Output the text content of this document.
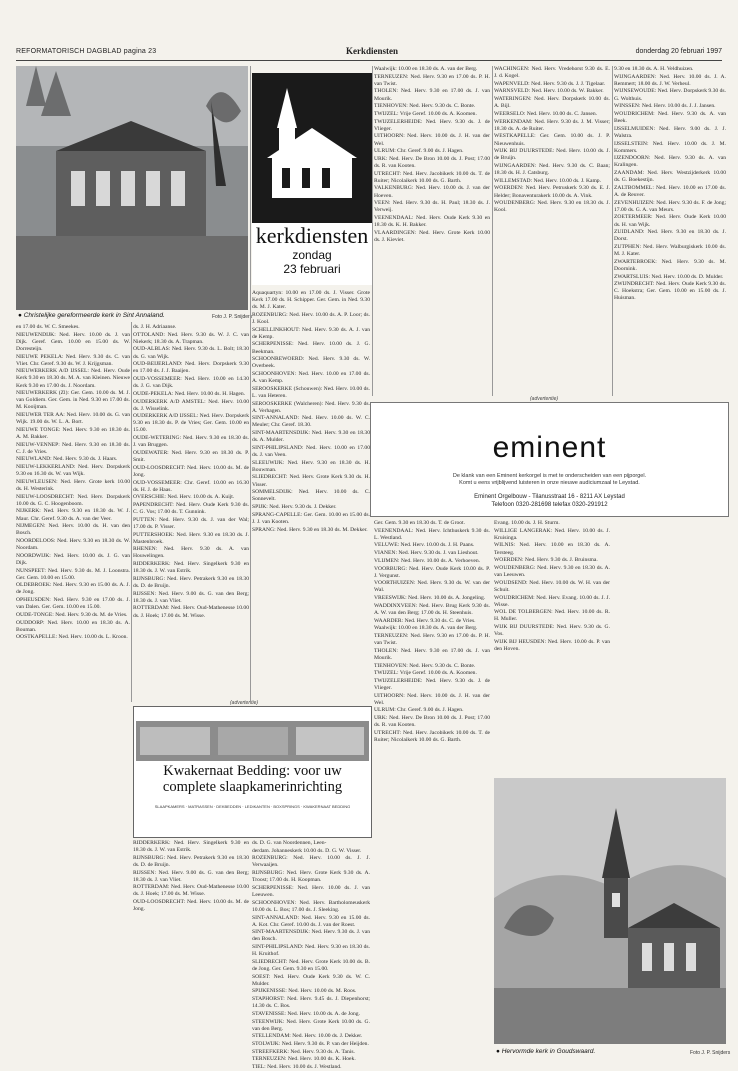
REFORMATORISCH DAGBLAD pagina 23	Kerkdiensten	donderdag 20 februari 1997
● Christelijke gereformeerde kerk in Sint Annaland.	Foto J. P. Snijders
kerkdiensten
zondag
23 februari

Aquaquartyn: 10.00 en 17.00 ds. J. Visser. Grote Kerk 17.00 ds. H. Schipper. Ger. Gem. in Ned. 9.30 ds. M. J. Kater.

ROZENBURG: Ned. Herv. 10.00 ds. A. P. Loor; ds. J. Kool.

SCHELLINKHOUT: Ned. Herv. 9.30 ds. A. J. van de Kemp.

SCHERPENISSE: Ned. Herv. 10.00 ds. J. G. Beekman.

SCHOONREWOERD: Ned. Herv. 9.30 ds. W. Overbeek.

SCHOONHOVEN: Ned. Herv. 10.00 en 17.00 ds. A. van Kemp.

SEROOSKERKE (Schouwen): Ned. Herv. 10.00 ds. L. van Heteren.

SEROOSKERKE (Walcheren): Ned. Herv. 9.30 ds. A. Verhagen.

SINT-ANNALAND: Ned. Herv. 10.00 ds. W. C. Meuler; Chr. Geref. 18.30.

SINT-MAARTENSDIJK: Ned. Herv. 9.30 en 18.30 ds. A. Mulder.

SINT-PHILIPSLAND: Ned. Herv. 10.00 en 17.00 ds. J. van Veen.

SLEEUWIJK: Ned. Herv. 9.30 en 18.30 ds. H. Bouwman.

SLIEDRECHT: Ned. Herv. Grote Kerk 9.30 ds. H. Visser.

SOMMELSDIJK: Ned. Herv. 10.00 ds. C. Sonnevelt.

SPIJK: Ned. Herv. 9.30 ds. J. Dekker.

SPRANG-CAPELLE: Ger. Gem. 10.00 en 15.00 ds. J. J. van Kooten.

SPRANG: Ned. Herv. 9.30 en 18.30 ds. M. Dekker.

Waalwijk: 10.00 en 18.30 ds. A. van der Berg.

TERNEUZEN: Ned. Herv. 9.30 en 17.00 ds. P. H. van Twist.

THOLEN: Ned. Herv. 9.30 en 17.00 ds. J. van Mourik.

TIENHOVEN: Ned. Herv. 9.30 ds. C. Bonte.

TWIJZEL: Vrije Geref. 10.00 ds. A. Koomen.

TWIJZELERHEIDE: Ned. Herv. 9.30 ds. J. de Vlieger.

UITHOORN: Ned. Herv. 10.00 ds. J. H. van der Wel.

ULRUM: Chr. Geref. 9.00 ds. J. Hagen.

URK: Ned. Herv. De Bron 10.00 ds. J. Post; 17.00 ds. R. van Kooten.

UTRECHT: Ned. Herv. Jacobikerk 10.00 ds. T. de Ruiter; Nicolaikerk 10.00 ds. G. Barth.

VALKENBURG: Ned. Herv. 10.00 ds. J. van der Hoeven.

VEEN: Ned. Herv. 9.30 ds. H. Paul; 18.30 ds. J. Verweij.

VEENENDAAL: Ned. Herv. Oude Kerk 9.30 en 18.30 ds. K. H. Bakker.

VLAARDINGEN: Ned. Herv. Grote Kerk 10.00 ds. J. Kieviet.

WACHINGEN: Ned. Herv. Vredehorst 9.30 ds. E. J. d. Kogel.

WAPENVELD: Ned. Herv. 9.30 ds. J. J. Tigelaar.

WARNSVELD: Ned. Herv. 10.00 ds. W. Bakker.

WATERINGEN: Ned. Herv. Dorpskerk 10.00 ds. A. Bijl.

WEERSELO: Ned. Herv. 10.00 ds. C. Jansen.

WERKENDAM: Ned. Herv. 9.30 ds. J. M. Visser; 18.30 ds. A. de Ruiter.

WESTKAPELLE: Ger. Gem. 10.00 ds. J. P. Nieuwenhuis.

WIJK BIJ DUURSTEDE: Ned. Herv. 10.00 ds. J. de Bruijn.

WIJNGAARDEN: Ned. Herv. 9.30 ds. C. Baan; 18.30 ds. H. J. Catsburg.

WILLEMSTAD: Ned. Herv. 10.00 ds. J. Kamp.

WOERDEN: Ned. Herv. Petruskerk 9.30 ds. E. J. Helder; Bonaventurakerk 10.00 ds. A. Vink.

WOUDENBERG: Ned. Herv. 9.30 en 18.30 ds. J. Kool.

9.30 en 18.30 ds. A. H. Veldhuizen.

WIJNGAARDEN: Ned. Herv. 10.00 ds. J. A. Remmert; 18.00 ds. J. W. Verheul.

WIJNSEWOUDE: Ned. Herv. Dorpskerk 9.30 ds. G. Wolthuis.

WINSSEN: Ned. Herv. 10.00 ds. J. J. Jansen.

WOUDRICHEM: Ned. Herv. 9.30 ds. A. van Beek.

IJSSELMUIDEN: Ned. Herv. 9.00 ds. J. J. Walstra.

IJSSELSTEIN: Ned. Herv. 10.00 ds. J. M. Kommers.

IJZENDOORN: Ned. Herv. 9.30 ds. A. van Kralingen.

ZAANDAM: Ned. Herv. Westzijderkerk 10.00 ds. G. Boekestijn.

ZALTBOMMEL: Ned. Herv. 10.00 en 17.00 ds. A. de Reuver.

ZEVENHUIZEN: Ned. Herv. 9.30 ds. F. de Jong; 17.00 ds. G. A. van Meurs.

ZOETERMEER: Ned. Herv. Oude Kerk 10.00 ds. H. van Wijk.

ZUIDLAND: Ned. Herv. 9.30 en 18.30 ds. J. Dorst.

ZUTPHEN: Ned. Herv. Walburgiskerk 10.00 ds. M. J. Kater.

ZWARTEBROEK: Ned. Herv. 9.30 ds. M. Doornink.

ZWARTSLUIS: Ned. Herv. 10.00 ds. D. Mulder.

ZWIJNDRECHT: Ned. Herv. Oude Kerk 9.30 ds. C. Hoekstra; Ger. Gem. 10.00 en 15.00 ds. J. Huisman.

(advertentie)
eminent
De klank van een Eminent kerkorgel is met te onderscheiden van een pijporgel.
Komt u eens vrijblijvend luisteren in onze nieuwe audiciumzaal te Leystad.
Eminent Orgelbouw - Tilanusstraat 16 - 8211 AX Leystad
Telefoon 0320-281698 telefax 0320-291912

en 17.00 ds. W. C. Smeekes.

NIEUWENDIJK: Ned. Herv. 10.00 ds. J. van Dijk. Geref. Gem. 10.00 en 15.00 ds. W. Dorresteijn.

NIEUWE PEKELA: Ned. Herv. 9.30 ds. C. van Vliet. Chr. Geref. 9.30 ds. W. J. Krijgsman.

NIEUWERKERK A/D IJSSEL: Ned. Herv. Oude Kerk 9.30 en 18.30 ds. M. A. van Kleinen. Nieuwe Kerk 9.30 en 17.00 ds. J. Noordam.

NIEUWERKERK (Zl): Ger. Gem. 10.00 ds. M. J. van Goldiem. Ger. Gem. in Ned. 9.30 en 17.00 ds. M. Kooijman.

NIEUWER TER AA: Ned. Herv. 10.00 ds. G. van Wijk. 19.00 ds. W. L. A. Bort.

NIEUWE TONGE: Ned. Herv. 9.30 en 18.30 ds. A. M. Bakker.

NIEUW-VENNEP: Ned. Herv. 9.30 en 18.30 ds. C. J. de Vries.

NIEUWLAND: Ned. Herv. 9.30 ds. J. Haars.

NIEUW-LEKKERLAND: Ned. Herv. Dorpskerk 9.30 en 16.30 ds. W. van Wijk.

NIEUWLEUSEN: Ned. Herv. Grote kerk 10.00 ds. H. Westerink.

NIEUW-LOOSDRECHT: Ned. Herv. Dorpskerk 10.00 ds. G. C. Hoogenboom.

NIJKERK: Ned. Herv. 9.30 en 18.30 ds. W. J. Maur. Chr. Geref. 9.30 ds. A. van der Veer.

NIJMEGEN: Ned. Herv. 10.00 ds. H. van den Bosch.

NOORDELOOS: Ned. Herv. 9.30 en 18.30 ds. W. Noordam.

NOORDWIJK: Ned. Herv. 10.00 ds. J. G. van Dijk.

NUNSPEET: Ned. Herv. 9.30 ds. M. J. Loonstra. Ger. Gem. 10.00 en 15.00.

OLDEBROEK: Ned. Herv. 9.30 en 15.00 ds. A. J. de Jong.

OPHEUSDEN: Ned. Herv. 9.30 en 17.00 ds. J. van Dalen. Ger. Gem. 10.00 en 15.00.

OUDE-TONGE: Ned. Herv. 9.30 ds. M. de Vries.

OUDDORP: Ned. Herv. 10.00 en 18.30 ds. A. Bouman.

OOSTKAPELLE: Ned. Herv. 10.00 ds. L. Kroon.

ds. J. H. Adriaanse.

OTTOLAND: Ned. Herv. 9.30 ds. W. J. C. van Niekerk; 18.30 ds. A. Trapman.

OUD-ALBLAS: Ned. Herv. 9.30 ds. L. Bolt; 18.30 ds. G. van Wijk.

OUD-BEIJERLAND: Ned. Herv. Dorpskerk 9.30 en 17.00 ds. J. J. Baaijen.

OUD-VOSSEMEER: Ned. Herv. 10.00 en 14.30 ds. J. G. van Dijk.

OUDE-PEKELA: Ned. Herv. 10.00 ds. H. Hagen.

OUDERKERK A/D AMSTEL: Ned. Herv. 10.00 ds. J. Wisselink.

OUDERKERK A/D IJSSEL: Ned. Herv. Dorpskerk 9.30 en 18.30 ds. P. de Vries; Ger. Gem. 10.00 en 15.00.

OUDE-WETERING: Ned. Herv. 9.30 en 18.30 ds. J. van Bruggen.

OUDEWATER: Ned. Herv. 9.30 en 18.30 ds. P. Smit.

OUD-LOOSDRECHT: Ned. Herv. 10.00 ds. M. de Jong.

OUD-VOSSEMEER: Chr. Geref. 10.00 en 16.30 ds. H. J. de Haas.

OVERSCHIE: Ned. Herv. 10.00 ds. A. Kuijt.

PAPENDRECHT: Ned. Herv. Oude Kerk 9.30 ds. C. G. Vos; 17.00 ds. T. Gunnink.

PUTTEN: Ned. Herv. 9.30 ds. J. van der Wal; 17.00 ds. P. Visser.

PUTTERSHOEK: Ned. Herv. 9.30 en 18.30 ds. J. Mastenbroek.

RHENEN: Ned. Herv. 9.30 ds. A. van Houwelingen.

RIDDERKERK: Ned. Herv. Singelkerk 9.30 en 18.30 ds. J. W. van Estrik.

RIJNSBURG: Ned. Herv. Petrakerk 9.30 en 18.30 ds. D. de Bruijn.

RIJSSEN: Ned. Herv. 9.00 ds. G. van den Berg; 18.30 ds. J. van Vliet.

ROTTERDAM: Ned. Herv. Oud-Mathenesse 10.00 ds. J. Hoek; 17.00 ds. M. Wisse.

(advertentie)
Kwakernaat Bedding: voor uw
complete slaapkamerinrichting
SLAAPKAMERS · MATRASSEN · DEKBEDDEN · LEDIKANTEN · BOXSPRINGS · KWAKERNAAT BEDDING

RIDDERKERK: Ned. Herv. Singelkerk 9.30 en 18.30 ds. J. W. van Estrik.

RIJNSBURG: Ned. Herv. Petrakerk 9.30 en 18.30 ds. D. de Bruijn.

RIJSSEN: Ned. Herv. 9.00 ds. G. van den Berg; 18.30 ds. J. van Vliet.

ROTTERDAM: Ned. Herv. Oud-Mathenesse 10.00 ds. J. Hoek; 17.00 ds. M. Wisse.

OUD-LOOSDRECHT: Ned. Herv. 10.00 ds. M. de Jong.

ds. D. G. van Noordennen, Leen-

derdam. Johanneskerk 10.00 ds. D. G. W. Visser.

ROZENBURG: Ned. Herv. 10.00 ds. J. J. Verwaaijen.

RIJNSBURG: Ned. Herv. Grote Kerk 9.30 ds. A. Troost; 17.00 ds. H. Koopman.

SCHERPENISSE: Ned. Herv. 10.00 ds. J. van Leeuwen.

SCHOONHOVEN: Ned. Herv. Bartholomeuskerk 10.00 ds. L. Bos; 17.00 ds. J. Sleeking.

SINT-ANNALAND: Ned. Herv. 9.30 en 15.00 ds. A. Kot. Chr. Geref. 10.00 ds. J. van der Roest.

SINT-MAARTENSDIJK: Ned. Herv. 9.30 ds. J. van den Bosch.

SINT-PHILIPSLAND: Ned. Herv. 9.30 en 18.30 ds. H. Kruithof.

SLIEDRECHT: Ned. Herv. Grote Kerk 10.00 ds. B. de Jong. Ger. Gem. 9.30 en 15.00.

SOEST: Ned. Herv. Oude Kerk 9.30 ds. W. C. Mulder.

SPIJKENISSE: Ned. Herv. 10.00 ds. M. Roos.

STAPHORST: Ned. Herv. 9.45 ds. J. Diepenhorst; 14.30 ds. C. Bos.

STAVENISSE: Ned. Herv. 10.00 ds. A. de Jong.

STEENWIJK: Ned. Herv. Grote Kerk 10.00 ds. G. van den Berg.

STELLENDAM: Ned. Herv. 10.00 ds. J. Dekker.

STOLWIJK: Ned. Herv. 9.30 ds. P. van der Heijden.

STREEFKERK: Ned. Herv. 9.30 ds. A. Tanis.

TERNEUZEN: Ned. Herv. 10.00 ds. K. Hoek.

TIEL: Ned. Herv. 10.00 ds. J. Westland.

Ger. Gem. 9.30 en 18.30 ds. T. de Groot.

VEENENDAAL: Ned. Herv. Ichthuskerk 9.30 ds. L. Westland.

VELUWE: Ned. Herv. 10.00 ds. J. H. Paans.

VIANEN: Ned. Herv. 9.30 ds. J. van Lieshout.

VLIJMEN: Ned. Herv. 10.00 ds. A. Verhoeven.

VOORBURG: Ned. Herv. Oude Kerk 10.00 ds. P. J. Vergunst.

VOORTHUIZEN: Ned. Herv. 9.30 ds. W. van der Wal.

VREESWIJK: Ned. Herv. 10.00 ds. A. Jongeling.

WADDINXVEEN: Ned. Herv. Brug Kerk 9.30 ds. A. W. van den Berg; 17.00 ds. H. Steenhuis.

WAARDER: Ned. Herv. 9.30 ds. C. de Vries.

Waalwijk: 10.00 en 18.30 ds. A. van der Berg.

TERNEUZEN: Ned. Herv. 9.30 en 17.00 ds. P. H. van Twist.

THOLEN: Ned. Herv. 9.30 en 17.00 ds. J. van Mourik.

TIENHOVEN: Ned. Herv. 9.30 ds. C. Bonte.

TWIJZEL: Vrije Geref. 10.00 ds. A. Koomen.

TWIJZELERHEIDE: Ned. Herv. 9.30 ds. J. de Vlieger.

UITHOORN: Ned. Herv. 10.00 ds. J. H. van der Wel.

ULRUM: Chr. Geref. 9.00 ds. J. Hagen.

URK: Ned. Herv. De Bron 10.00 ds. J. Post; 17.00 ds. R. van Kooten.

UTRECHT: Ned. Herv. Jacobikerk 10.00 ds. T. de Ruiter; Nicolaikerk 10.00 ds. G. Barth.

Evang. 10.00 ds. J. H. Sturm.

WILLIGE LANGERAK: Ned. Herv. 10.00 ds. J. Kruisinga.

WILNIS: Ned. Herv. 10.00 en 18.30 ds. A. Tersteeg.

WOERDEN: Ned. Herv. 9.30 ds. J. Bruinsma.

WOUDENBERG: Ned. Herv. 9.30 en 18.30 ds. A. van Leeuwen.

WOUDSEND: Ned. Herv. 10.00 ds. W. H. van der Schuit.

WOUDRICHEM: Ned. Herv. Evang. 10.00 ds. J. J. Wisse.

WOL DE TOLBERGEN: Ned. Herv. 10.00 ds. R. H. Muller.

WIJK BIJ DUURSTEDE: Ned. Herv. 9.30 ds. G. Vos.

WIJK BIJ HEUSDEN: Ned. Herv. 10.00 ds. P. van den Hoven.

● Hervormde kerk in Goudswaard.	Foto J. P. Snijders
